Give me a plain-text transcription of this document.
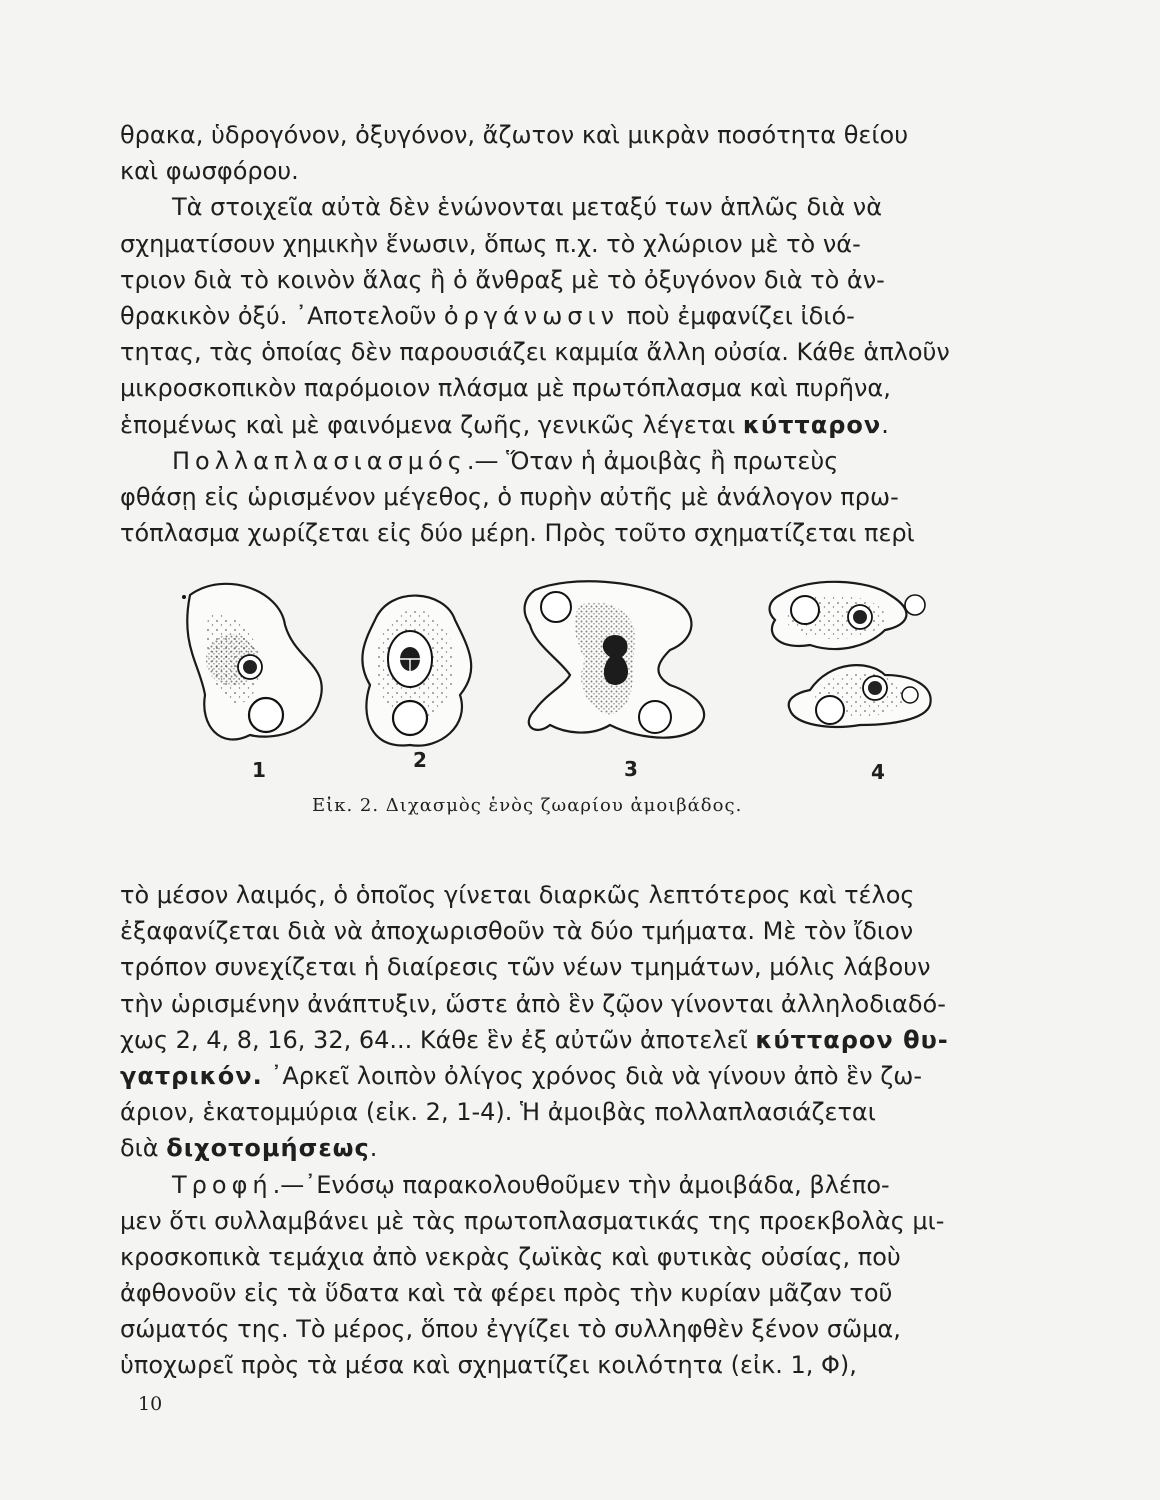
θρακα, ὑδρογόνον, ὀξυγόνον, ἄζωτον καὶ μικρὰν ποσότητα θείου
καὶ φωσφόρου.
Τὰ στοιχεῖα αὐτὰ δὲν ἑνώνονται μεταξύ των ἁπλῶς διὰ νὰ
σχηματίσουν χημικὴν ἕνωσιν, ὅπως π.χ. τὸ χλώριον μὲ τὸ νά-
τριον διὰ τὸ κοινὸν ἅλας ἢ ὁ ἄνθραξ μὲ τὸ ὀξυγόνον διὰ τὸ ἀν-
θρακικὸν ὀξύ. ᾿Αποτελοῦν ὀργάνωσιν ποὺ ἐμφανίζει ἰδιό-
τητας, τὰς ὁποίας δὲν παρουσιάζει καμμία ἄλλη οὐσία. Κάθε ἁπλοῦν
μικροσκοπικὸν παρόμοιον πλάσμα μὲ πρωτόπλασμα καὶ πυρῆνα,
ἑπομένως καὶ μὲ φαινόμενα ζωῆς, γενικῶς λέγεται κύτταρον.
Πολλαπλασιασμός.— Ὅταν ἡ ἀμοιβὰς ἢ πρωτεὺς
φθάσῃ εἰς ὡρισμένον μέγεθος, ὁ πυρὴν αὐτῆς μὲ ἀνάλογον πρω-
τόπλασμα χωρίζεται εἰς δύο μέρη. Πρὸς τοῦτο σχηματίζεται περὶ
1	2	3	4
Εἰκ. 2. Διχασμὸς ἑνὸς ζωαρίου ἀμοιβάδος.
τὸ μέσον λαιμός, ὁ ὁποῖος γίνεται διαρκῶς λεπτότερος καὶ τέλος
ἐξαφανίζεται διὰ νὰ ἀποχωρισθοῦν τὰ δύο τμήματα. Μὲ τὸν ἴδιον
τρόπον συνεχίζεται ἡ διαίρεσις τῶν νέων τμημάτων, μόλις λάβουν
τὴν ὡρισμένην ἀνάπτυξιν, ὥστε ἀπὸ ἓν ζῷον γίνονται ἀλληλοδιαδό-
χως 2, 4, 8, 16, 32, 64... Κάθε ἓν ἐξ αὐτῶν ἀποτελεῖ κύτταρον θυ-
γατρικόν. ᾿Αρκεῖ λοιπὸν ὀλίγος χρόνος διὰ νὰ γίνουν ἀπὸ ἓν ζω-
άριον, ἑκατομμύρια (εἰκ. 2, 1-4). Ἡ ἀμοιβὰς πολλαπλασιάζεται
διὰ διχοτομήσεως.
Τροφή.—᾿Ενόσῳ παρακολουθοῦμεν τὴν ἀμοιβάδα, βλέπο-
μεν ὅτι συλλαμβάνει μὲ τὰς πρωτοπλασματικάς της προεκβολὰς μι-
κροσκοπικὰ τεμάχια ἀπὸ νεκρὰς ζωϊκὰς καὶ φυτικὰς οὐσίας, ποὺ
ἀφθονοῦν εἰς τὰ ὕδατα καὶ τὰ φέρει πρὸς τὴν κυρίαν μᾶζαν τοῦ
σώματός της. Τὸ μέρος, ὅπου ἐγγίζει τὸ συλληφθὲν ξένον σῶμα,
ὑποχωρεῖ πρὸς τὰ μέσα καὶ σχηματίζει κοιλότητα (εἰκ. 1, Φ),
10
